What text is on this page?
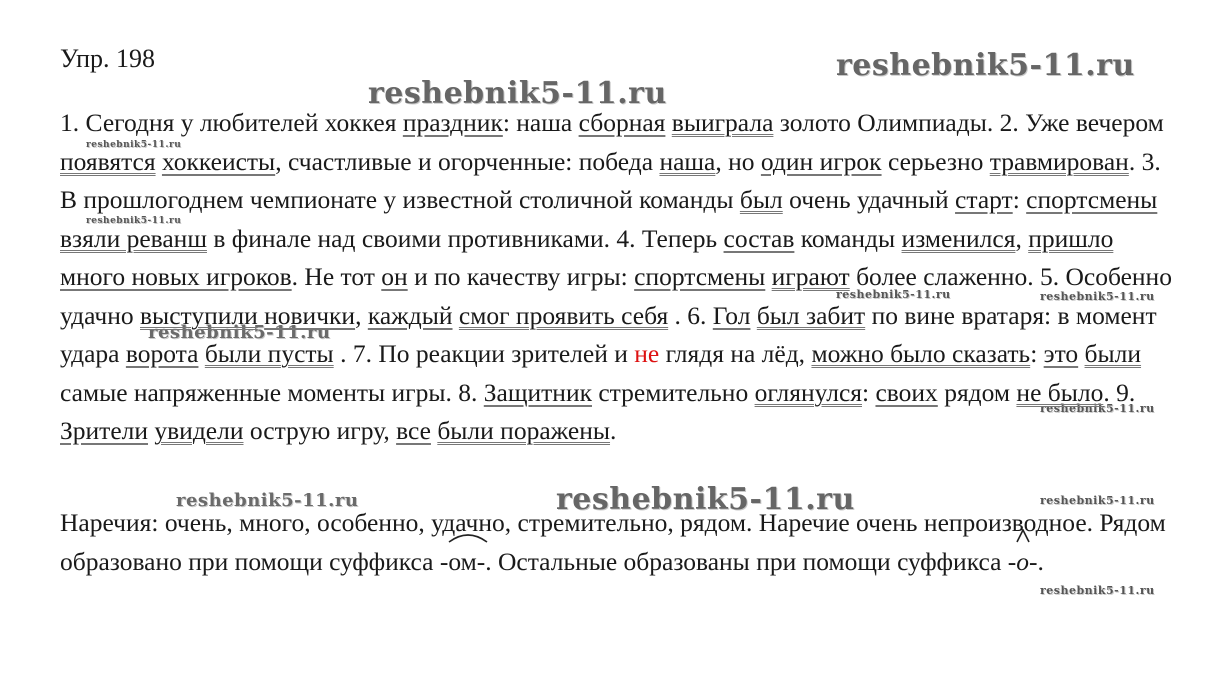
reshebnik5-11.ru
reshebnik5-11.ru
reshebnik5-11.ru
reshebnik5-11.ru
reshebnik5-11.ru	reshebnik5-11.ru
reshebnik5-11.ru
reshebnik5-11.ru
reshebnik5-11.ru	reshebnik5-11.ru	reshebnik5-11.ru
reshebnik5-11.ru
Упр. 198
1. Сегодня у любителей хоккея праздник: наша сборная выиграла золото Олимпиады. 2. Уже вечером появятся хоккеисты, счастливые и огорченные: победа наша, но один игрок серьезно травмирован. 3. В прошлогоднем чемпионате у известной столичной команды был очень удачный старт: спортсмены взяли реванш в финале над своими противниками. 4. Теперь состав команды изменился, пришло много новых игроков. Не тот он и по качеству игры: спортсмены играют более слаженно. 5. Особенно удачно выступили новички, каждый смог проявить себя . 6. Гол был забит по вине вратаря: в момент удара ворота были пусты . 7. По реакции зрителей и не глядя на лёд, можно было сказать: это были самые напряженные моменты игры. 8. Защитник стремительно оглянулся: своих рядом не было. 9. Зрители увидели острую игру, все были поражены.
Наречия: очень, много, особенно, удачно, стремительно, рядом. Наречие очень непроизводное. Рядом образовано при помощи суффикса -
ом-. Остальные образованы при помощи суффикса -
о-.
